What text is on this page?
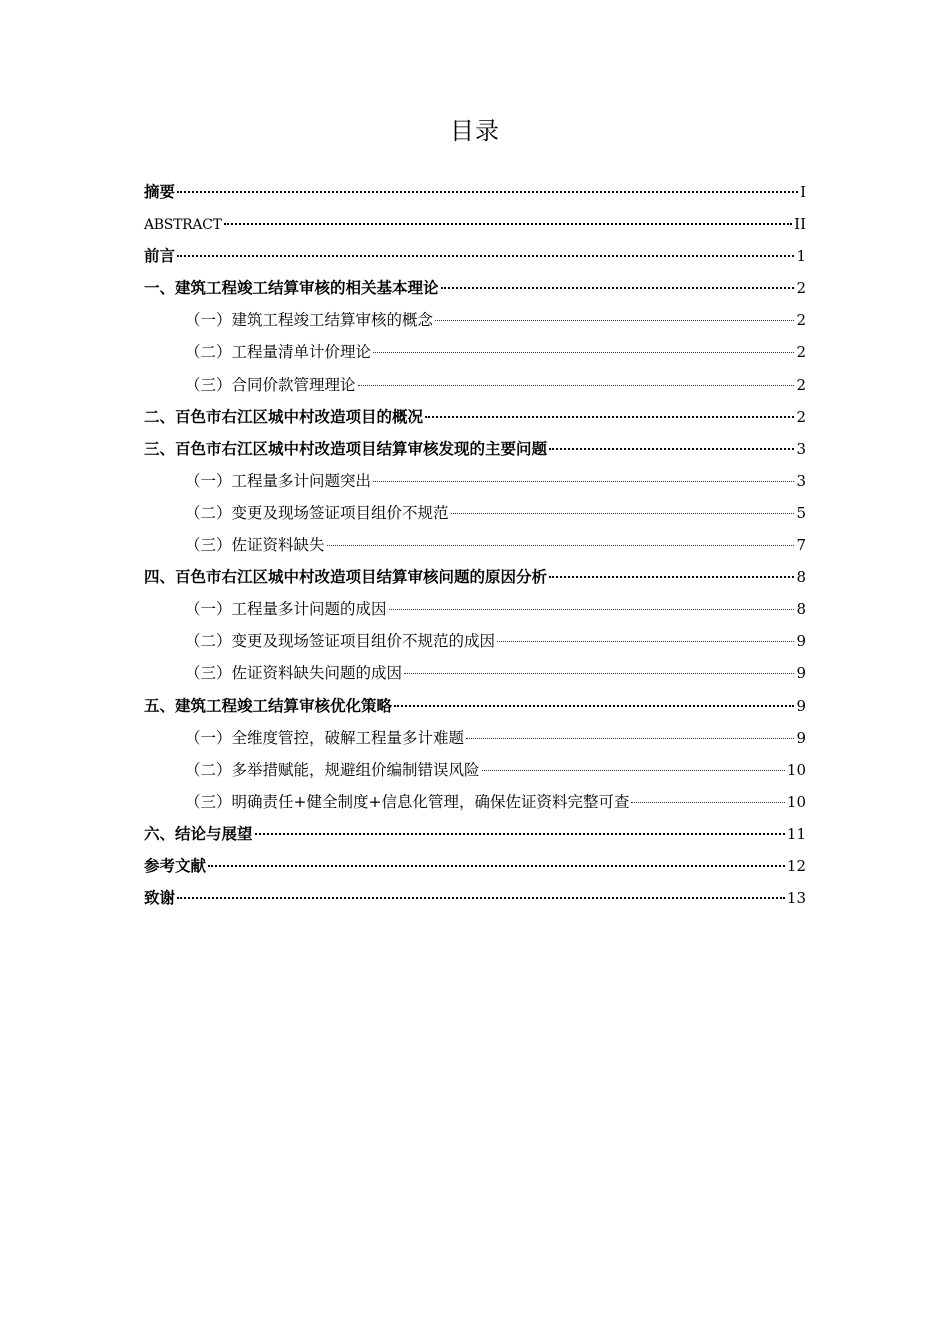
目录
摘要	I
ABSTRACT	II
前言	1
一、建筑工程竣工结算审核的相关基本理论	2
（一）建筑工程竣工结算审核的概念	2
（二）工程量清单计价理论	2
（三）合同价款管理理论	2
二、百色市右江区城中村改造项目的概况	2
三、百色市右江区城中村改造项目结算审核发现的主要问题	3
（一）工程量多计问题突出	3
（二）变更及现场签证项目组价不规范	5
（三）佐证资料缺失	7
四、百色市右江区城中村改造项目结算审核问题的原因分析	8
（一）工程量多计问题的成因	8
（二）变更及现场签证项目组价不规范的成因	9
（三）佐证资料缺失问题的成因	9
五、建筑工程竣工结算审核优化策略	9
（一）全维度管控，破解工程量多计难题	9
（二）多举措赋能，规避组价编制错误风险	10
（三）明确责任+健全制度+信息化管理，确保佐证资料完整可查	10
六、结论与展望	11
参考文献	12
致谢	13
